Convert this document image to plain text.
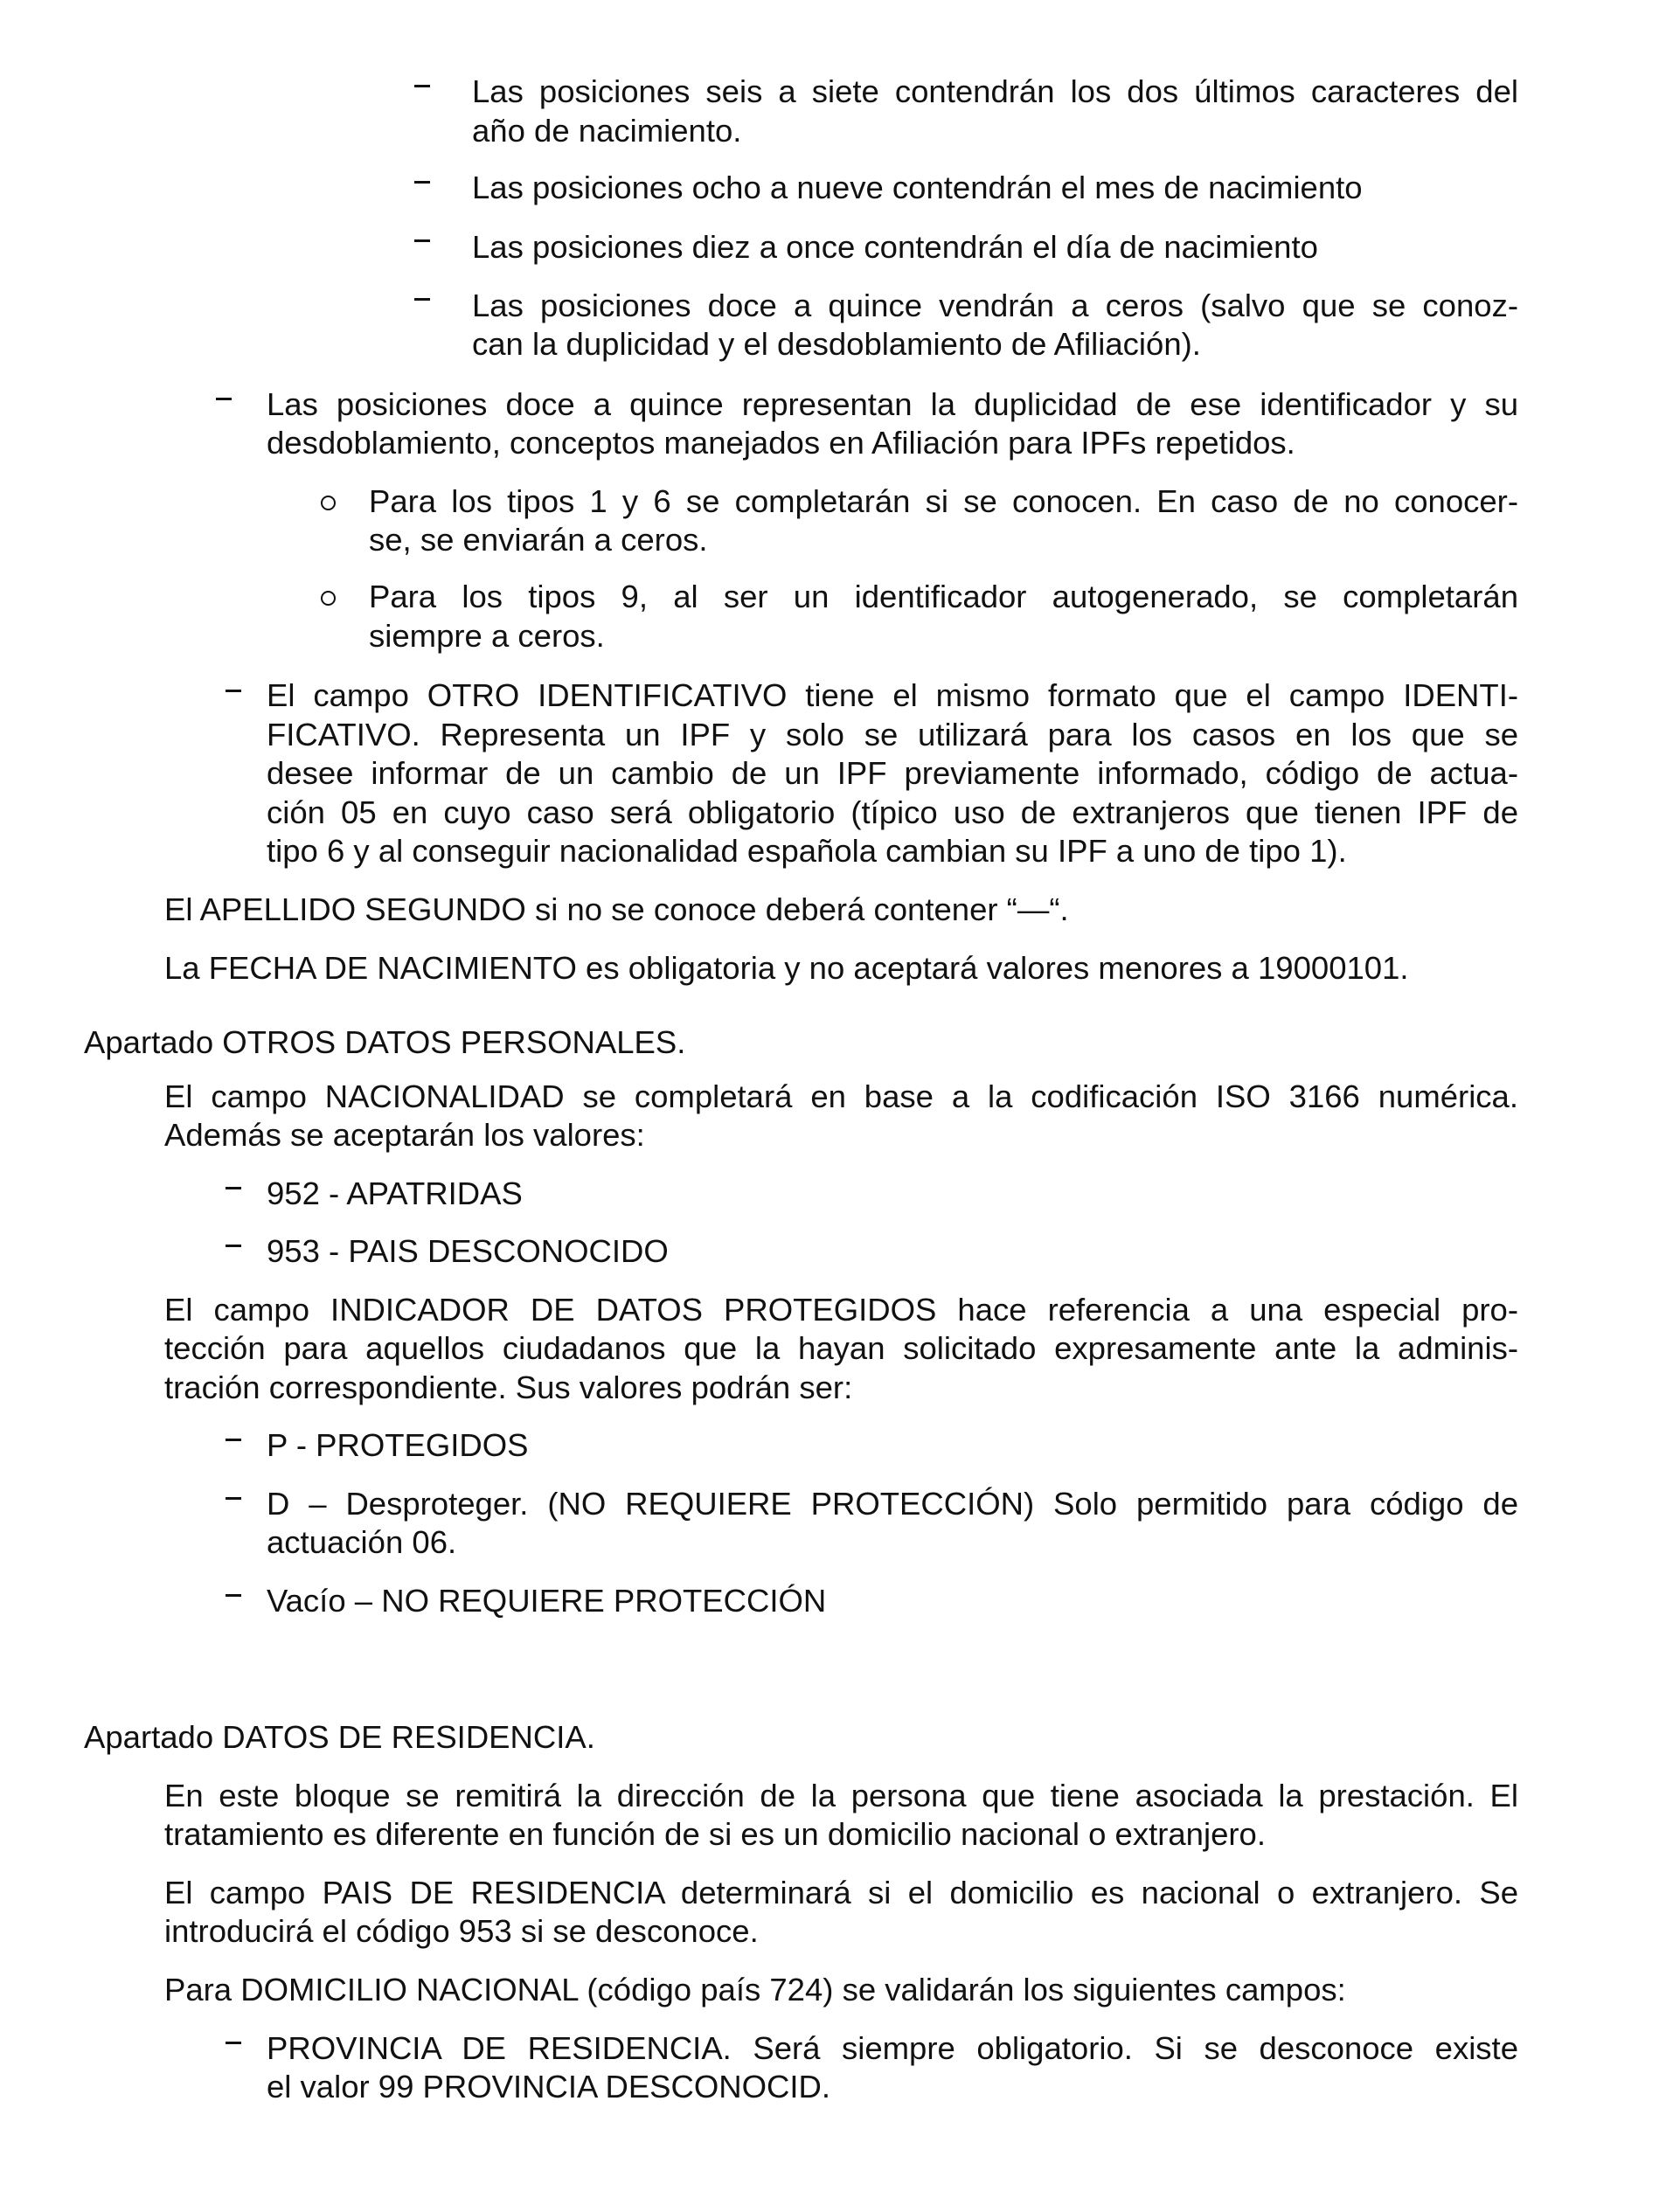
Las posiciones seis a siete contendrán los dos últimos caracteres del
año de nacimiento.
Las posiciones ocho a nueve contendrán el mes de nacimiento
Las posiciones diez a once contendrán el día de nacimiento
Las posiciones doce a quince vendrán a ceros (salvo que se conoz-
can la duplicidad y el desdoblamiento de Afiliación).
Las posiciones doce a quince representan la duplicidad de ese identificador y su
desdoblamiento, conceptos manejados en Afiliación para IPFs repetidos.
Para los tipos 1 y 6 se completarán si se conocen. En caso de no conocer-
se, se enviarán a ceros.
Para los tipos 9, al ser un identificador autogenerado, se completarán
siempre a ceros.
El campo OTRO IDENTIFICATIVO tiene el mismo formato que el campo IDENTI-
FICATIVO. Representa un IPF y solo se utilizará para los casos en los que se
desee informar de un cambio de un IPF previamente informado, código de actua-
ción 05 en cuyo caso será obligatorio (típico uso de extranjeros que tienen IPF de
tipo 6 y al conseguir nacionalidad española cambian su IPF a uno de tipo 1).
El APELLIDO SEGUNDO si no se conoce deberá contener “—“.
La FECHA DE NACIMIENTO es obligatoria y no aceptará valores menores a 19000101.
Apartado OTROS DATOS PERSONALES.
El campo NACIONALIDAD se completará en base a la codificación ISO 3166 numérica.
Además se aceptarán los valores:
952 - APATRIDAS
953 - PAIS DESCONOCIDO
El campo INDICADOR DE DATOS PROTEGIDOS hace referencia a una especial pro-
tección para aquellos ciudadanos que la hayan solicitado expresamente ante la adminis-
tración correspondiente. Sus valores podrán ser:
P - PROTEGIDOS
D – Desproteger. (NO REQUIERE PROTECCIÓN) Solo permitido para código de
actuación 06.
Vacío – NO REQUIERE PROTECCIÓN
Apartado DATOS DE RESIDENCIA.
En este bloque se remitirá la dirección de la persona que tiene asociada la prestación. El
tratamiento es diferente en función de si es un domicilio nacional o extranjero.
El campo PAIS DE RESIDENCIA determinará si el domicilio es nacional o extranjero. Se
introducirá el código 953 si se desconoce.
Para DOMICILIO NACIONAL (código país 724) se validarán los siguientes campos:
PROVINCIA DE RESIDENCIA. Será siempre obligatorio. Si se desconoce existe
el valor 99 PROVINCIA DESCONOCID.
